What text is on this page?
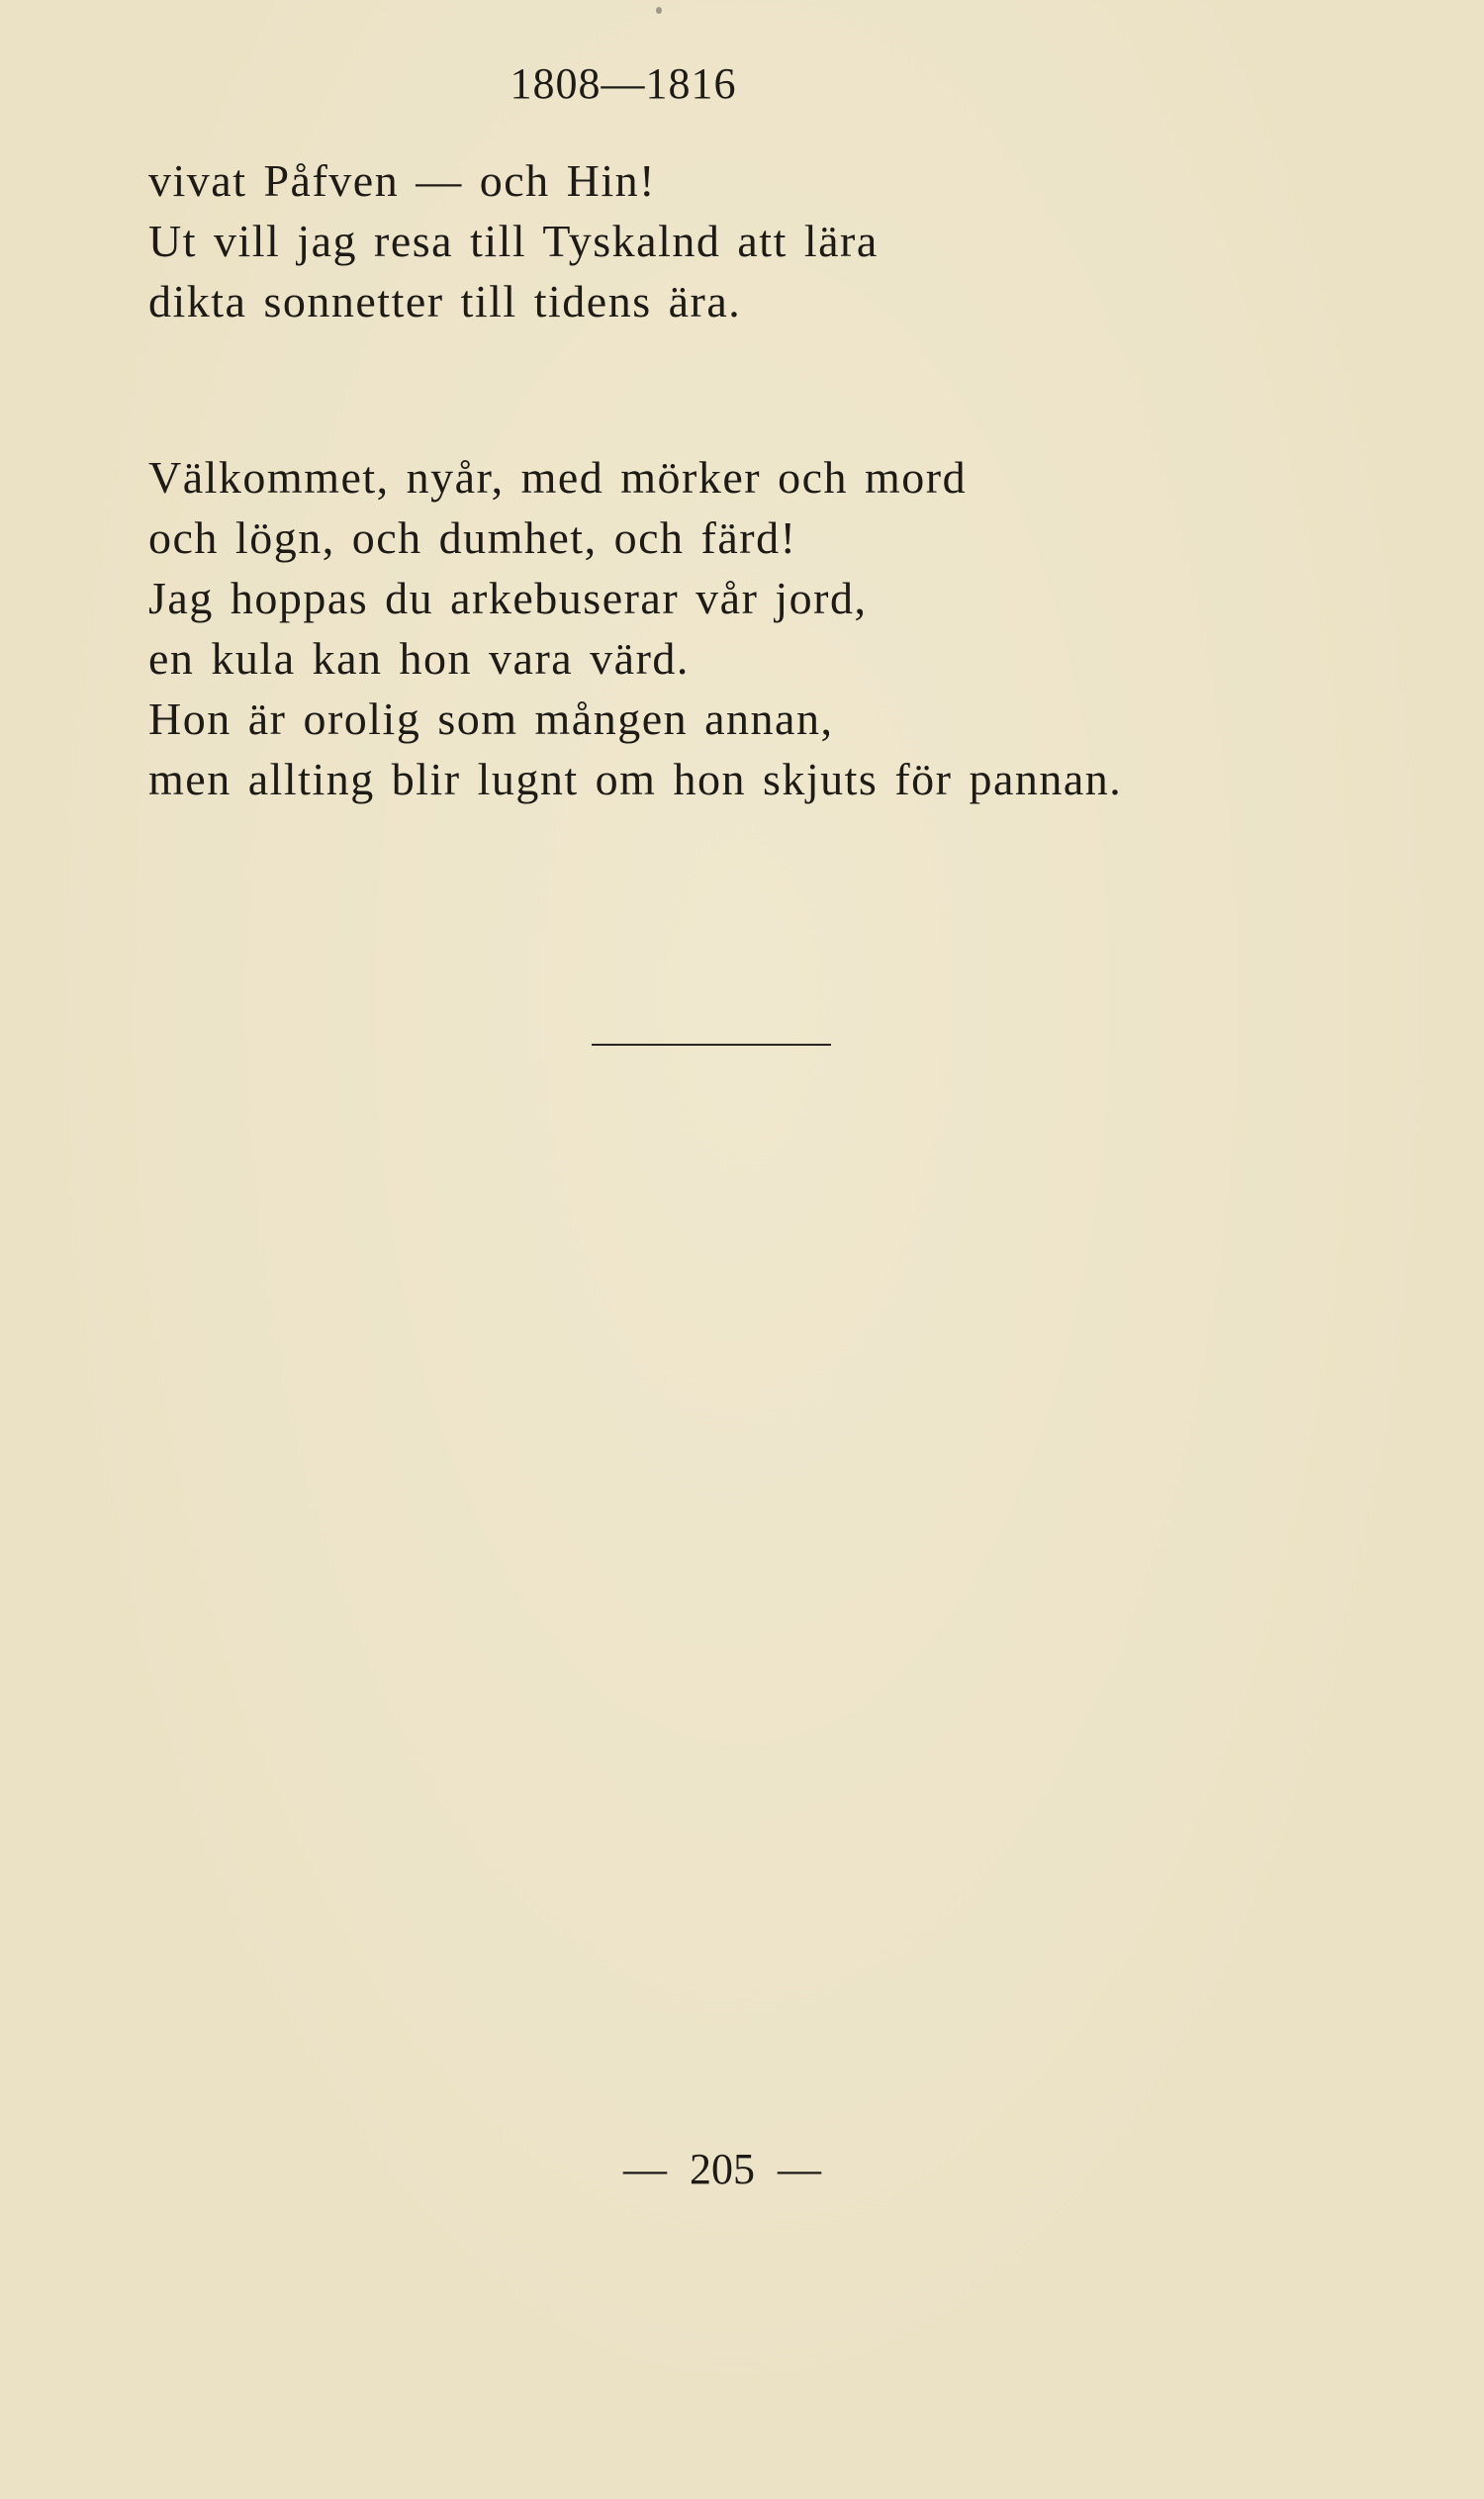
1808—1816
vivat Påfven — och Hin!
Ut vill jag resa till Tyskalnd att lära
dikta sonnetter till tidens ära.
Välkommet, nyår, med mörker och mord
och lögn, och dumhet, och färd!
Jag hoppas du arkebuserar vår jord,
en kula kan hon vara värd.
Hon är orolig som mången annan,
men allting blir lugnt om hon skjuts för pannan.
— 205 —
